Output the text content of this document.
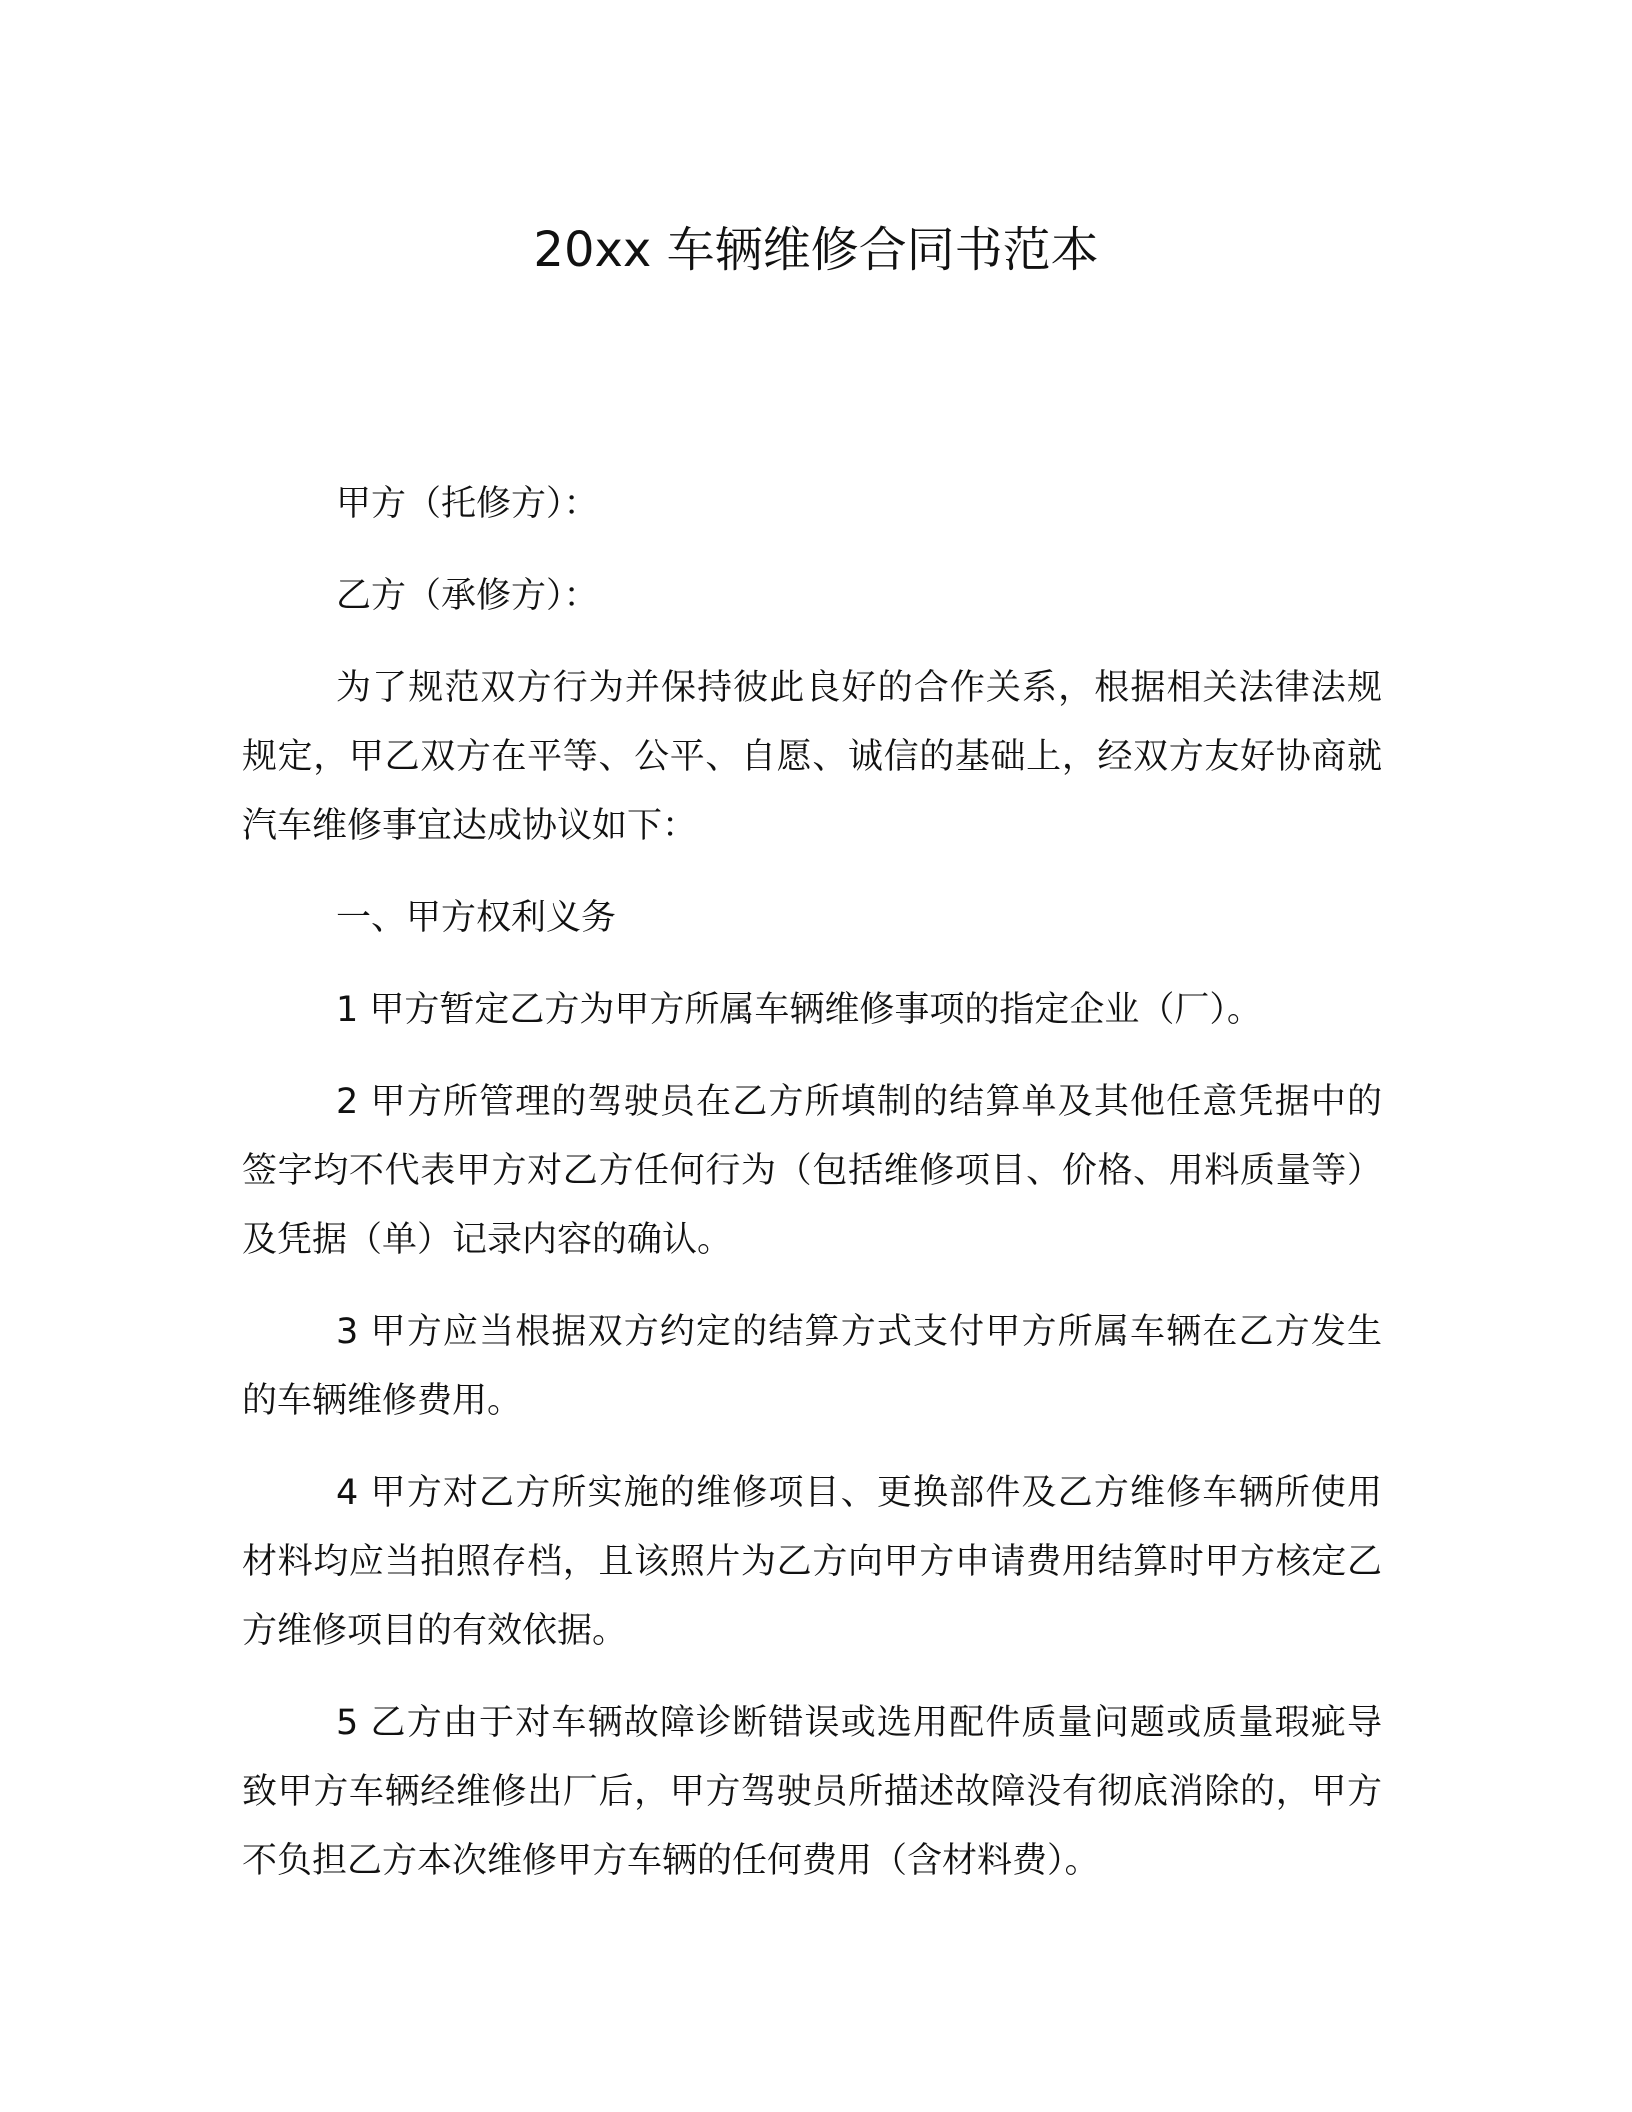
20xx 车辆维修合同书范本

甲方（托修方）：

乙方（承修方）：

为了规范双方行为并保持彼此良好的合作关系，根据相关法律法规规定，甲乙双方在平等、公平、自愿、诚信的基础上，经双方友好协商就汽车维修事宜达成协议如下：

一、甲方权利义务

1 甲方暂定乙方为甲方所属车辆维修事项的指定企业（厂）。

2 甲方所管理的驾驶员在乙方所填制的结算单及其他任意凭据中的签字均不代表甲方对乙方任何行为（包括维修项目、价格、用料质量等）及凭据（单）记录内容的确认。

3 甲方应当根据双方约定的结算方式支付甲方所属车辆在乙方发生的车辆维修费用。

4 甲方对乙方所实施的维修项目、更换部件及乙方维修车辆所使用材料均应当拍照存档，且该照片为乙方向甲方申请费用结算时甲方核定乙方维修项目的有效依据。

5 乙方由于对车辆故障诊断错误或选用配件质量问题或质量瑕疵导致甲方车辆经维修出厂后，甲方驾驶员所描述故障没有彻底消除的，甲方不负担乙方本次维修甲方车辆的任何费用（含材料费）。
